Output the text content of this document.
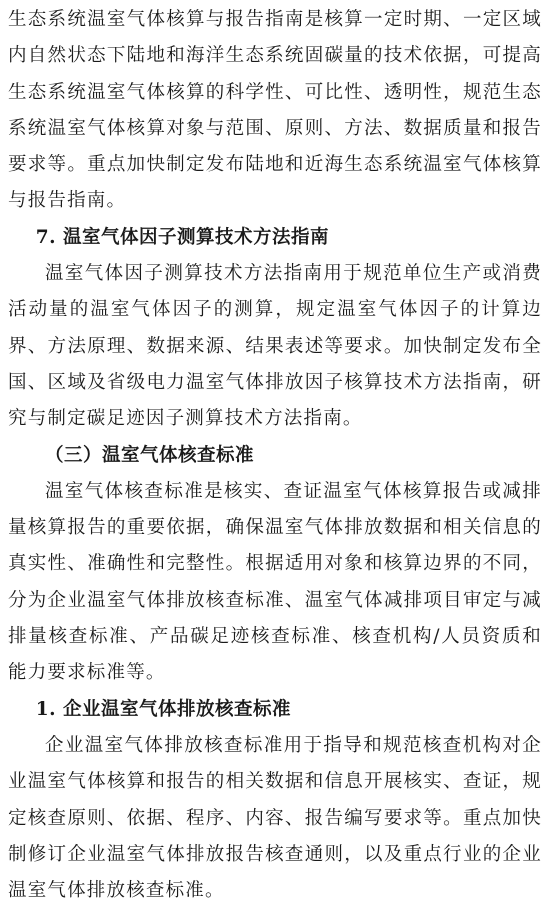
生态系统温室气体核算与报告指南是核算一定时期、一定区域内自然状态下陆地和海洋生态系统固碳量的技术依据，可提高生态系统温室气体核算的科学性、可比性、透明性，规范生态系统温室气体核算对象与范围、原则、方法、数据质量和报告要求等。重点加快制定发布陆地和近海生态系统温室气体核算与报告指南。

7. 温室气体因子测算技术方法指南

温室气体因子测算技术方法指南用于规范单位生产或消费活动量的温室气体因子的测算，规定温室气体因子的计算边界、方法原理、数据来源、结果表述等要求。加快制定发布全国、区域及省级电力温室气体排放因子核算技术方法指南，研究与制定碳足迹因子测算技术方法指南。

（三）温室气体核查标准

温室气体核查标准是核实、查证温室气体核算报告或减排量核算报告的重要依据，确保温室气体排放数据和相关信息的真实性、准确性和完整性。根据适用对象和核算边界的不同，分为企业温室气体排放核查标准、温室气体减排项目审定与减排量核查标准、产品碳足迹核查标准、核查机构/人员资质和能力要求标准等。

1. 企业温室气体排放核查标准

企业温室气体排放核查标准用于指导和规范核查机构对企业温室气体核算和报告的相关数据和信息开展核实、查证，规定核查原则、依据、程序、内容、报告编写要求等。重点加快制修订企业温室气体排放报告核查通则，以及重点行业的企业温室气体排放核查标准。
